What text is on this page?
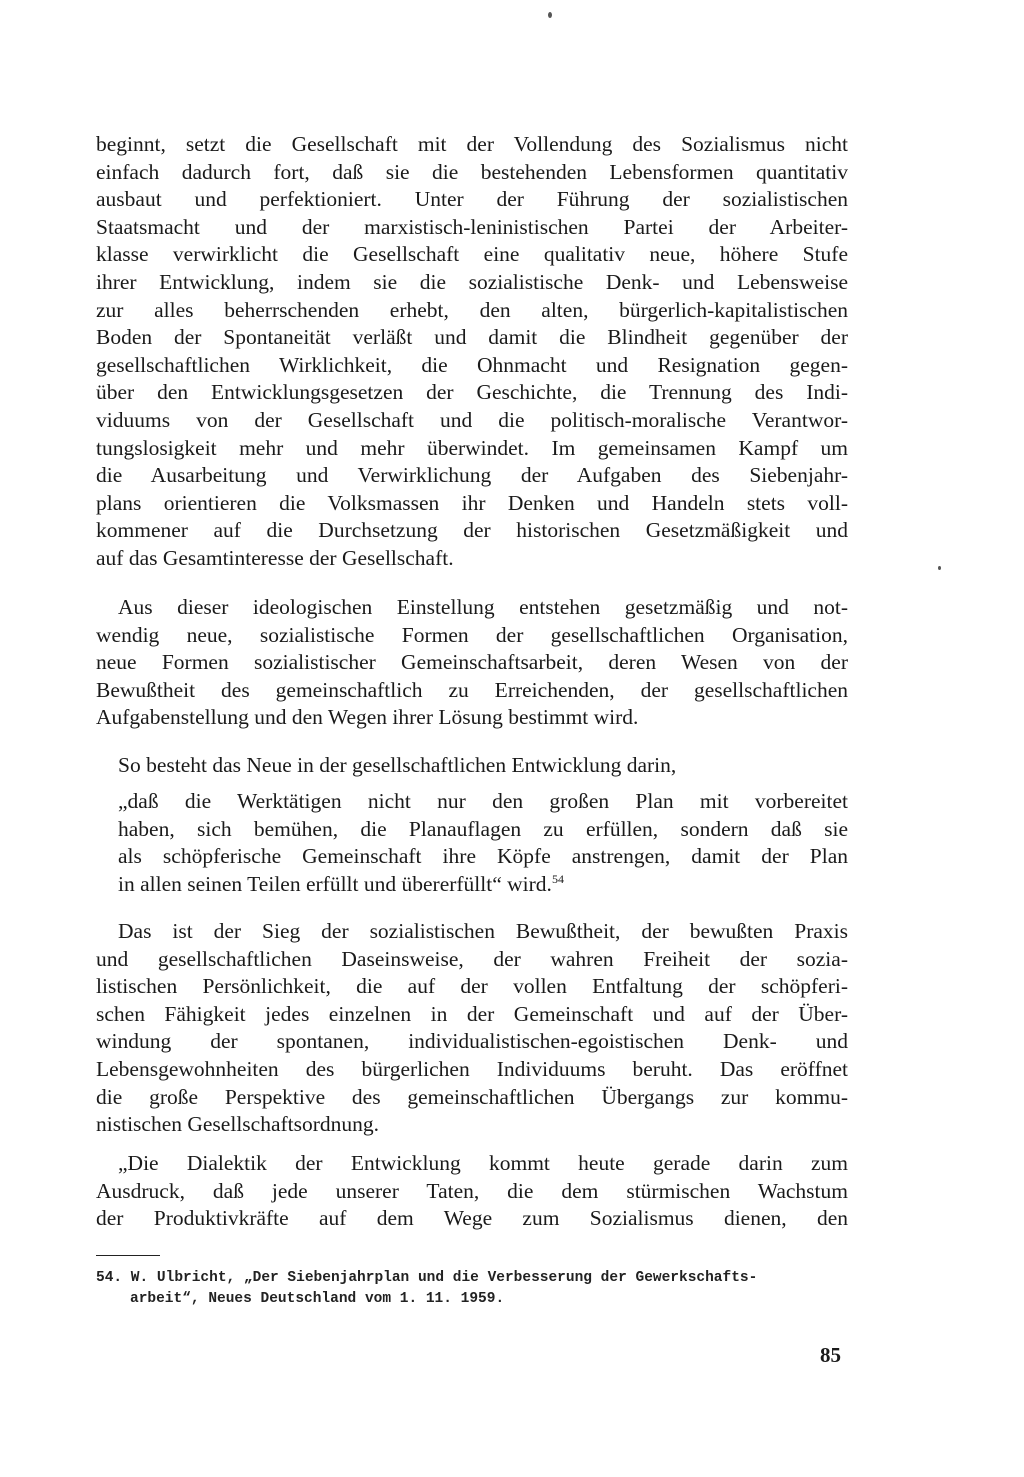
beginnt, setzt die Gesellschaft mit der Vollendung des Sozialismus nicht
einfach dadurch fort, daß sie die bestehenden Lebensformen quantitativ
ausbaut und perfektioniert. Unter der Führung der sozialistischen
Staatsmacht und der marxistisch-leninistischen Partei der Arbeiter-
klasse verwirklicht die Gesellschaft eine qualitativ neue, höhere Stufe
ihrer Entwicklung, indem sie die sozialistische Denk- und Lebensweise
zur alles beherrschenden erhebt, den alten, bürgerlich-kapitalistischen
Boden der Spontaneität verläßt und damit die Blindheit gegenüber der
gesellschaftlichen Wirklichkeit, die Ohnmacht und Resignation gegen-
über den Entwicklungsgesetzen der Geschichte, die Trennung des Indi-
viduums von der Gesellschaft und die politisch-moralische Verantwor-
tungslosigkeit mehr und mehr überwindet. Im gemeinsamen Kampf um
die Ausarbeitung und Verwirklichung der Aufgaben des Siebenjahr-
plans orientieren die Volksmassen ihr Denken und Handeln stets voll-
kommener auf die Durchsetzung der historischen Gesetzmäßigkeit und
auf das Gesamtinteresse der Gesellschaft.
Aus dieser ideologischen Einstellung entstehen gesetzmäßig und not-
wendig neue, sozialistische Formen der gesellschaftlichen Organisation,
neue Formen sozialistischer Gemeinschaftsarbeit, deren Wesen von der
Bewußtheit des gemeinschaftlich zu Erreichenden, der gesellschaftlichen
Aufgabenstellung und den Wegen ihrer Lösung bestimmt wird.
So besteht das Neue in der gesellschaftlichen Entwicklung darin,
„daß die Werktätigen nicht nur den großen Plan mit vorbereitet
haben, sich bemühen, die Planauflagen zu erfüllen, sondern daß sie
als schöpferische Gemeinschaft ihre Köpfe anstrengen, damit der Plan
in allen seinen Teilen erfüllt und übererfüllt“ wird.$^{54}$
Das ist der Sieg der sozialistischen Bewußtheit, der bewußten Praxis
und gesellschaftlichen Daseinsweise, der wahren Freiheit der sozia-
listischen Persönlichkeit, die auf der vollen Entfaltung der schöpferi-
schen Fähigkeit jedes einzelnen in der Gemeinschaft und auf der Über-
windung der spontanen, individualistischen-egoistischen Denk- und
Lebensgewohnheiten des bürgerlichen Individuums beruht. Das eröffnet
die große Perspektive des gemeinschaftlichen Übergangs zur kommu-
nistischen Gesellschaftsordnung.
„Die Dialektik der Entwicklung kommt heute gerade darin zum
Ausdruck, daß jede unserer Taten, die dem stürmischen Wachstum
der Produktivkräfte auf dem Wege zum Sozialismus dienen, den
54. W. Ulbricht, „Der Siebenjahrplan und die Verbesserung der Gewerkschafts-
arbeit“, Neues Deutschland vom 1. 11. 1959.
85
